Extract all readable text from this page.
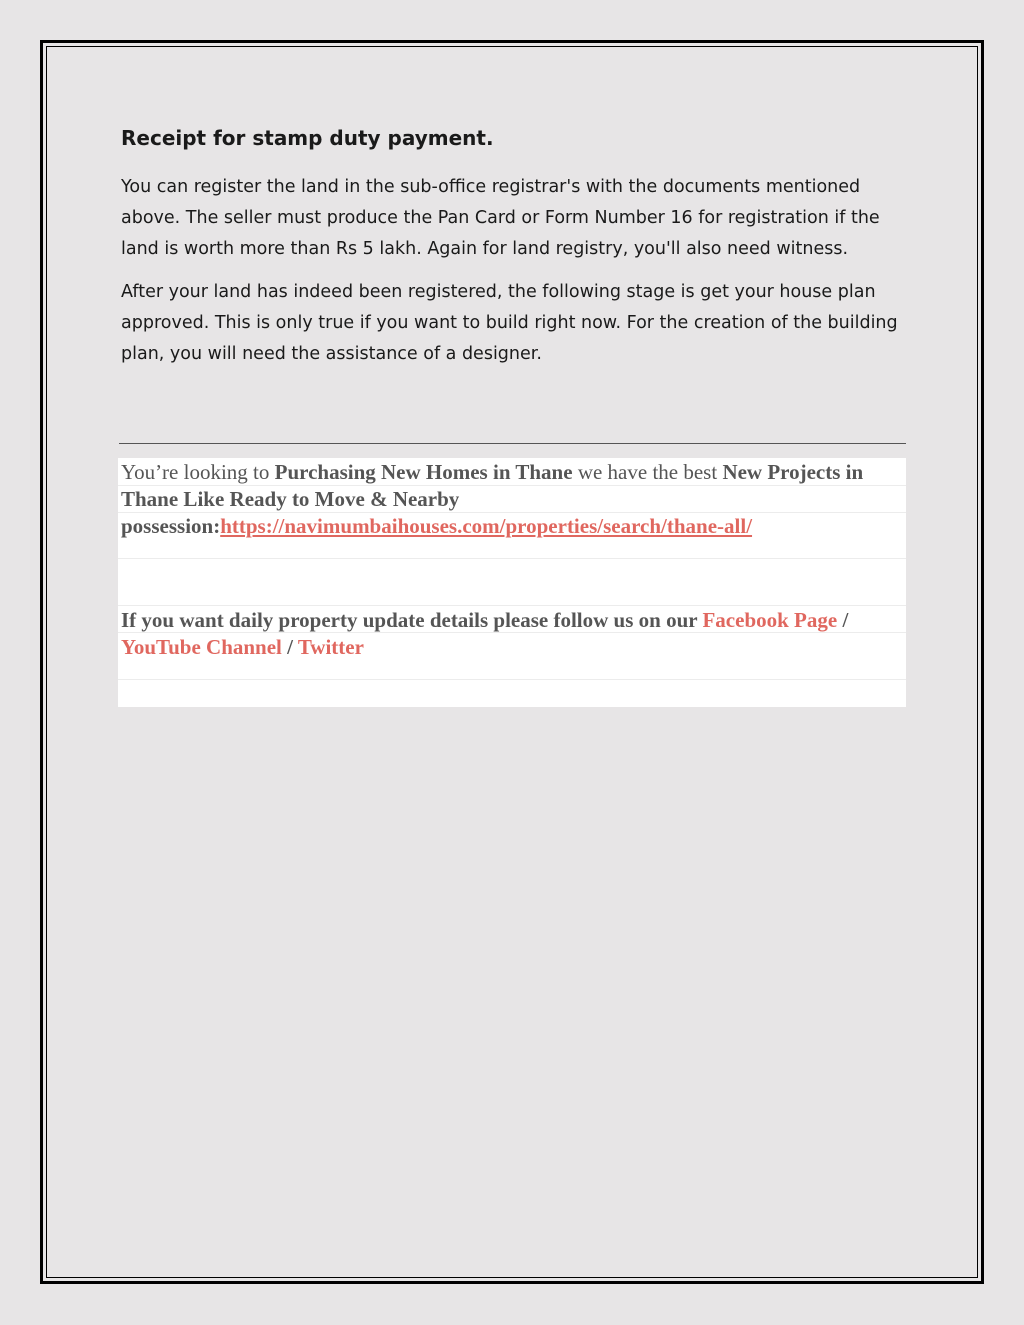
Receipt for stamp duty payment.

You can register the land in the sub-office registrar's with the documents mentioned above. The seller must produce the Pan Card or Form Number 16 for registration if the land is worth more than Rs 5 lakh. Again for land registry, you'll also need witness.

After your land has indeed been registered, the following stage is get your house plan approved. This is only true if you want to build right now. For the creation of the building plan, you will need the assistance of a designer.

You’re looking to Purchasing New Homes in Thane we have the best New Projects in Thane Like Ready to Move & Nearby possession:https://navimumbaihouses.com/properties/search/thane-all/
If you want daily property update details please follow us on our Facebook Page / YouTube Channel / Twitter
